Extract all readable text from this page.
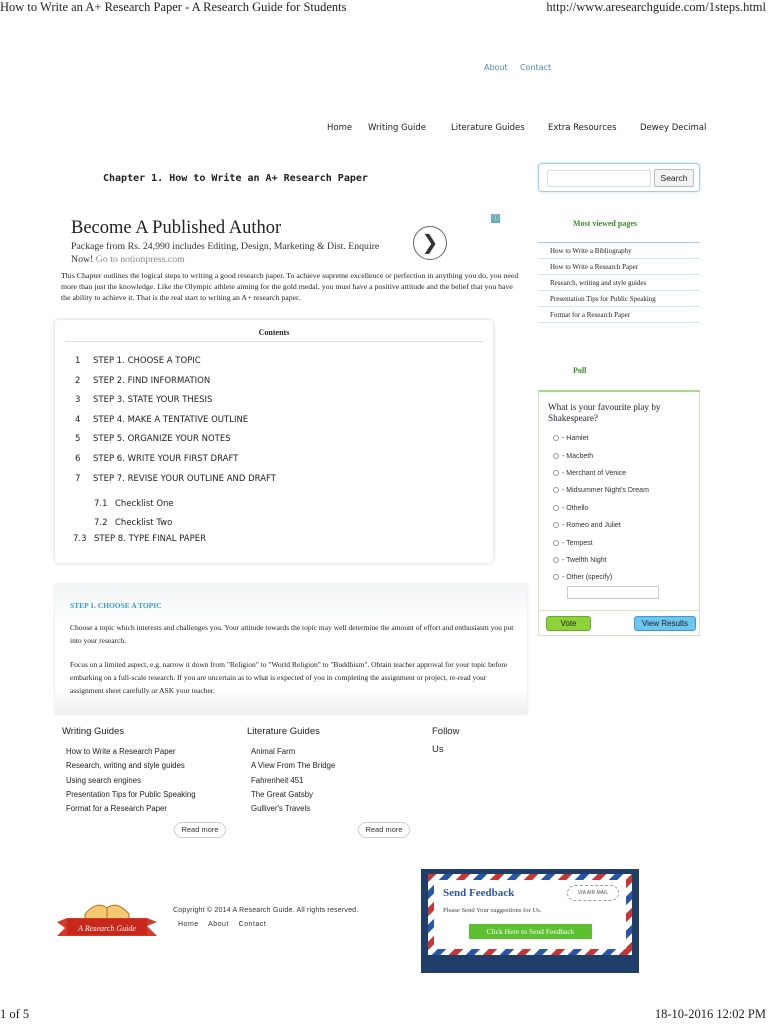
How to Write an A+ Research Paper - A Research Guide for Students	http://www.aresearchguide.com/1steps.html
About Contact
Home Writing Guide	Literature Guides	Extra Resources	Dewey Decimal
Chapter 1. How to Write an A+ Research Paper	Search
Become A Published Author
Package from Rs. 24,990 includes Editing, Design, Marketing & Dist. Enquire Now! Go to notionpress.com
❯
ⓘ
This Chapter outlines the logical steps to writing a good research paper. To achieve supreme excellence or perfection in anything you do, you need more than just the knowledge. Like the Olympic athlete aiming for the gold medal, you must have a positive attitude and the belief that you have the ability to achieve it. That is the real start to writing an A+ research paper.
Contents
1 STEP 1. CHOOSE A TOPIC
2 STEP 2. FIND INFORMATION
3 STEP 3. STATE YOUR THESIS
4 STEP 4. MAKE A TENTATIVE OUTLINE
5 STEP 5. ORGANIZE YOUR NOTES
6 STEP 6. WRITE YOUR FIRST DRAFT
7 STEP 7. REVISE YOUR OUTLINE AND DRAFT
7.1 Checklist One
7.2 Checklist Two
7.3 STEP 8. TYPE FINAL PAPER
STEP 1. CHOOSE A TOPIC
Choose a topic which interests and challenges you. Your attitude towards the topic may well determine the amount of effort and enthusiasm you put into your research.
Focus on a limited aspect, e.g. narrow it down from "Religion" to "World Religion" to "Buddhism". Obtain teacher approval for your topic before embarking on a full-scale research. If you are uncertain as to what is expected of you in completing the assignment or project, re-read your assignment sheet carefully or ASK your teacher.
Writing Guides
How to Write a Research Paper
Research, writing and style guides
Using search engines
Presentation Tips for Public Speaking
Format for a Research Paper
Read more
Literature Guides
Animal Farm
A View From The Bridge
Fahrenheit 451
The Great Gatsby
Gulliver's Travels
Read more
Follow
Us
Most viewed pages
How to Write a Bibliography
How to Write a Research Paper
Research, writing and style guides
Presentation Tips for Public Speaking
Format for a Research Paper
Poll
What is your favourite play by Shakespeare?
- Hamlet
- Macbeth
- Merchant of Venice
- Midsummer Night's Dream
- Othello
- Romeo and Juliet
- Tempest
- Twelfth Night
- Other (specify)
Vote	View Results
A Research Guide
Copyright © 2014 A Research Guide. All rights reserved.
Home About Contact
Send Feedback	VIA AIR MAIL
Please Send Your suggestions for Us.
Click Here to Send Feedback
1 of 5	18-10-2016 12:02 PM
